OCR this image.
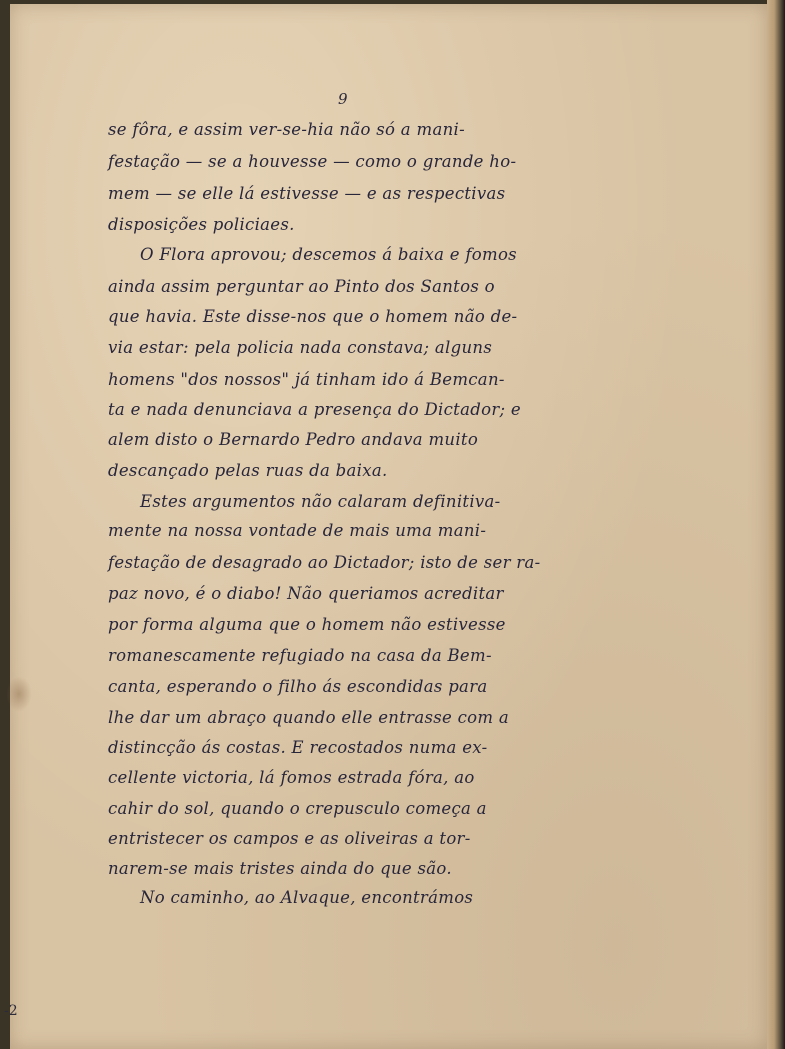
9
-2
se fôra, e assim ver-se-hia não só a mani-
festação — se a houvesse — como o grande ho-
mem — se elle lá estivesse — e as respectivas
disposições policiaes.
O Flora aprovou; descemos á baixa e fomos
ainda assim perguntar ao Pinto dos Santos o
que havia. Este disse-nos que o homem não de-
via estar: pela policia nada constava; alguns
homens "dos nossos" já tinham ido á Bemcan-
ta e nada denunciava a presença do Dictador; e
alem disto o Bernardo Pedro andava muito
descançado pelas ruas da baixa.
Estes argumentos não calaram definitiva-
mente na nossa vontade de mais uma mani-
festação de desagrado ao Dictador; isto de ser ra-
paz novo, é o diabo! Não queriamos acreditar
por forma alguma que o homem não estivesse
romanescamente refugiado na casa da Bem-
canta, esperando o filho ás escondidas para
lhe dar um abraço quando elle entrasse com a
distincção ás costas. E recostados numa ex-
cellente victoria, lá fomos estrada fóra, ao
cahir do sol, quando o crepusculo começa a
entristecer os campos e as oliveiras a tor-
narem-se mais tristes ainda do que são.
No caminho, ao Alvaque, encontrámos
